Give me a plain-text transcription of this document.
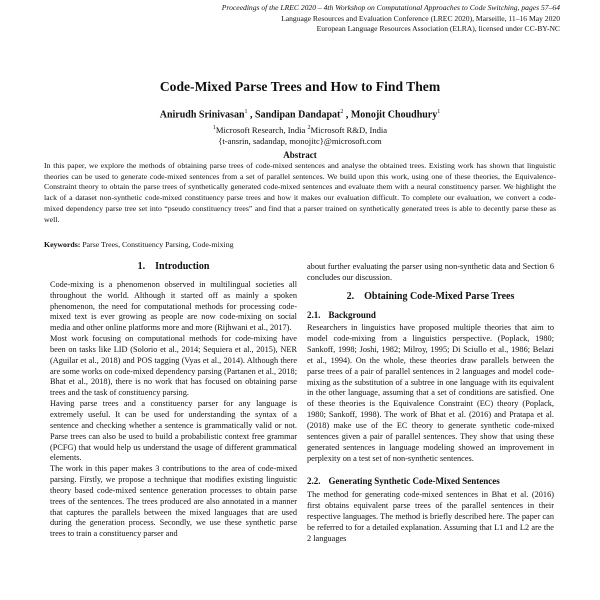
Proceedings of the LREC 2020 – 4th Workshop on Computational Approaches to Code Switching, pages 57–64
Language Resources and Evaluation Conference (LREC 2020), Marseille, 11–16 May 2020
European Language Resources Association (ELRA), licensed under CC-BY-NC
Code-Mixed Parse Trees and How to Find Them
Anirudh Srinivasan$^1$ , Sandipan Dandapat$^2$ , Monojit Choudhury$^1$
$^1$Microsoft Research, India $^2$Microsoft R&D, India
{t-ansrin, sadandap, monojitc}@microsoft.com
Abstract

In this paper, we explore the methods of obtaining parse trees of code-mixed sentences and analyse the obtained trees. Existing work has shown that linguistic theories can be used to generate code-mixed sentences from a set of parallel sentences. We build upon this work, using one of these theories, the Equivalence-Constraint theory to obtain the parse trees of synthetically generated code-mixed sentences and evaluate them with a neural constituency parser. We highlight the lack of a dataset non-synthetic code-mixed constituency parse trees and how it makes our evaluation difficult. To complete our evaluation, we convert a code-mixed dependency parse tree set into “pseudo constituency trees” and find that a parser trained on synthetically generated trees is able to decently parse these as well.

Keywords: Parse Trees, Constituency Parsing, Code-mixing

1. Introduction

Code-mixing is a phenomenon observed in multilingual societies all throughout the world. Although it started off as mainly a spoken phenomenon, the need for computational methods for processing code-mixed text is ever growing as people are now code-mixing on social media and other online platforms more and more (Rijhwani et al., 2017).

Most work focusing on computational methods for code-mixing have been on tasks like LID (Solorio et al., 2014; Sequiera et al., 2015), NER (Aguilar et al., 2018) and POS tagging (Vyas et al., 2014). Although there are some works on code-mixed dependency parsing (Partanen et al., 2018; Bhat et al., 2018), there is no work that has focused on obtaining parse trees and the task of constituency parsing.

Having parse trees and a constituency parser for any language is extremely useful. It can be used for understanding the syntax of a sentence and checking whether a sentence is grammatically valid or not. Parse trees can also be used to build a probabilistic context free grammar (PCFG) that would help us understand the usage of different grammatical elements.

The work in this paper makes 3 contributions to the area of code-mixed parsing. Firstly, we propose a technique that modifies existing linguistic theory based code-mixed sentence generation processes to obtain parse trees of the sentences. The trees produced are also annotated in a manner that captures the parallels between the mixed languages that are used during the generation process. Secondly, we use these synthetic parse trees to train a constituency parser and

about further evaluating the parser using non-synthetic data and Section 6 concludes our discussion.

2. Obtaining Code-Mixed Parse Trees
2.1. Background

Researchers in linguistics have proposed multiple theories that aim to model code-mixing from a linguistics perspective. (Poplack, 1980; Sankoff, 1998; Joshi, 1982; Milroy, 1995; Di Sciullo et al., 1986; Belazi et al., 1994). On the whole, these theories draw parallels between the parse trees of a pair of parallel sentences in 2 languages and model code-mixing as the substitution of a subtree in one language with its equivalent in the other language, assuming that a set of conditions are satisfied. One of these theories is the Equivalence Constraint (EC) theory (Poplack, 1980; Sankoff, 1998). The work of Bhat et al. (2016) and Pratapa et al. (2018) make use of the EC theory to generate synthetic code-mixed sentences given a pair of parallel sentences. They show that using these generated sentences in language modeling showed an improvement in perplexity on a test set of non-synthetic sentences.

2.2. Generating Synthetic Code-Mixed Sentences

The method for generating code-mixed sentences in Bhat et al. (2016) first obtains equivalent parse trees of the parallel sentences in their respective languages. The method is briefly described here. The paper can be referred to for a detailed explanation. Assuming that L1 and L2 are the 2 languages
